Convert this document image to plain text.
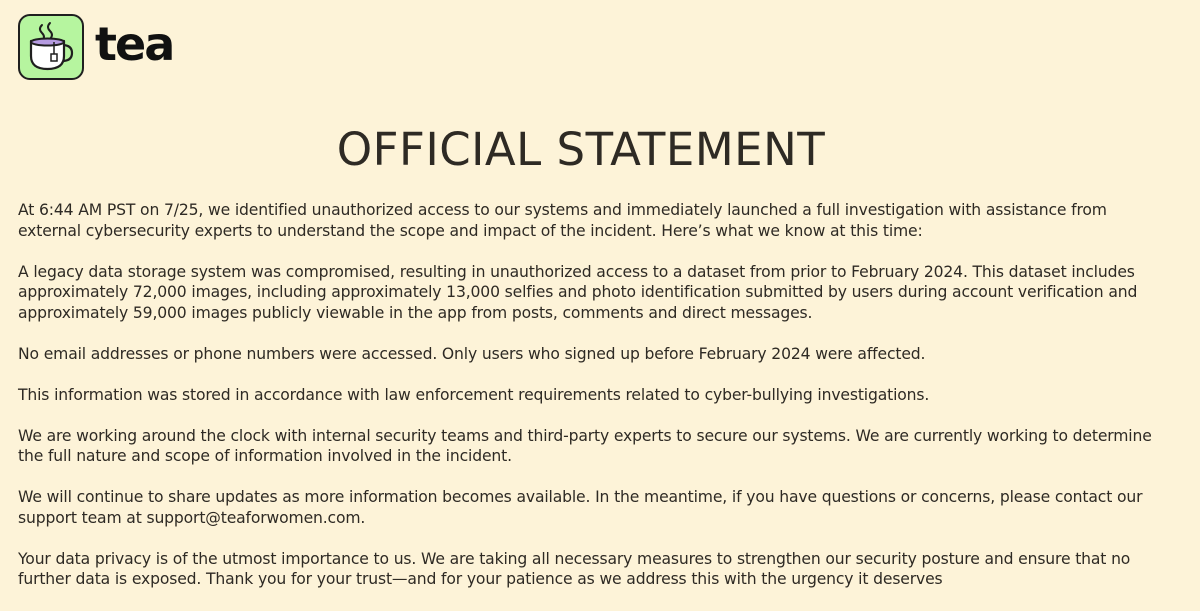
tea
OFFICIAL STATEMENT

At 6:44 AM PST on 7/25, we identified unauthorized access to our systems and immediately launched a full investigation with assistance from external cybersecurity experts to understand the scope and impact of the incident. Here’s what we know at this time:

A legacy data storage system was compromised, resulting in unauthorized access to a dataset from prior to February 2024. This dataset includes approximately 72,000 images, including approximately 13,000 selfies and photo identification submitted by users during account verification and approximately 59,000 images publicly viewable in the app from posts, comments and direct messages.

No email addresses or phone numbers were accessed. Only users who signed up before February 2024 were affected.

This information was stored in accordance with law enforcement requirements related to cyber-bullying investigations.

We are working around the clock with internal security teams and third-party experts to secure our systems. We are currently working to determine the full nature and scope of information involved in the incident.

We will continue to share updates as more information becomes available. In the meantime, if you have questions or concerns, please contact our support team at support@teaforwomen.com.

Your data privacy is of the utmost importance to us. We are taking all necessary measures to strengthen our security posture and ensure that no further data is exposed. Thank you for your trust—and for your patience as we address this with the urgency it deserves
